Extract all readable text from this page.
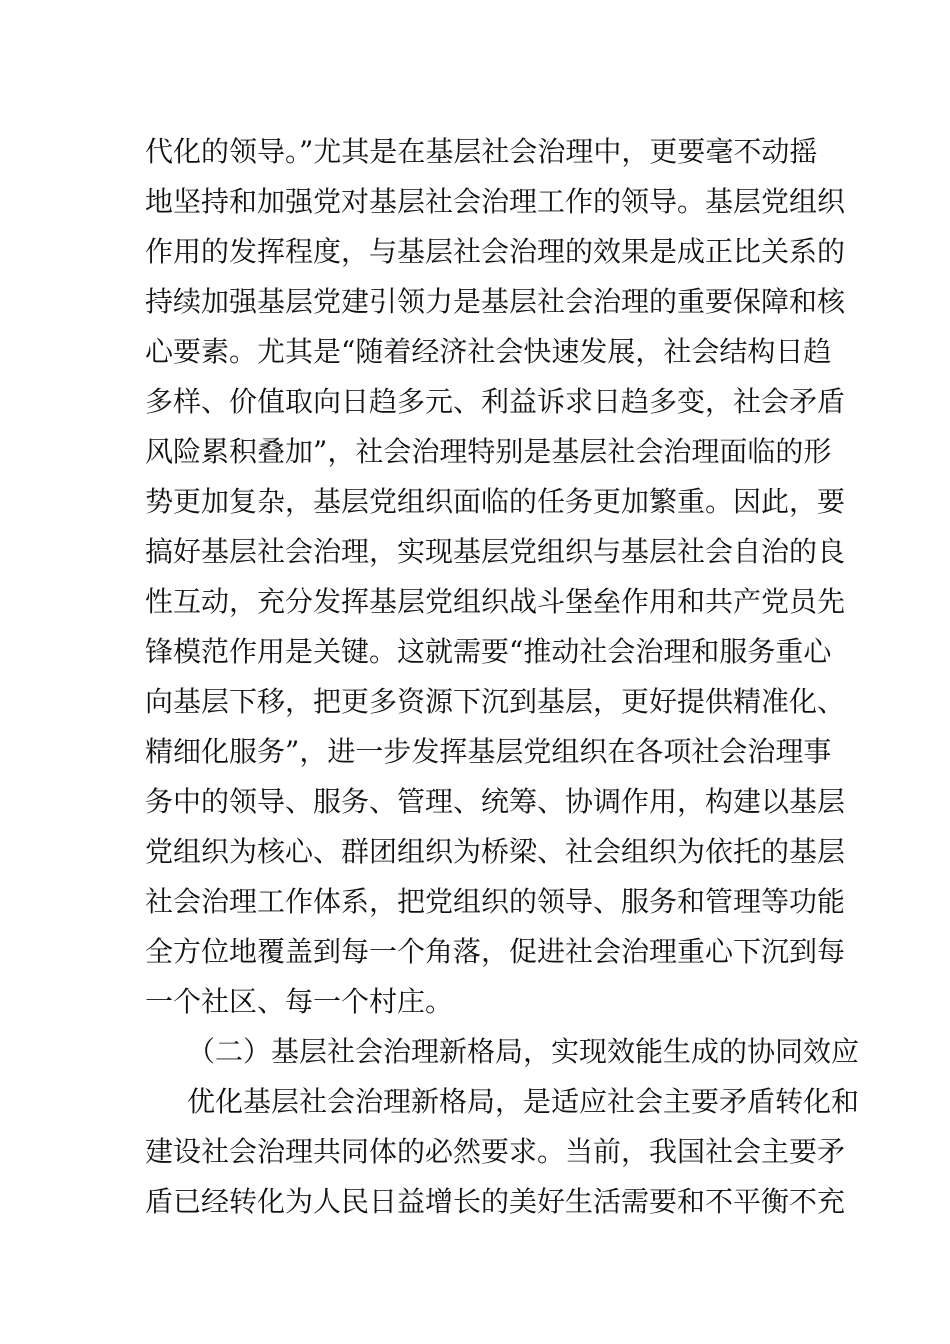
代化的领导。”尤其是在基层社会治理中，更要毫不动摇
地坚持和加强党对基层社会治理工作的领导。基层党组织
作用的发挥程度，与基层社会治理的效果是成正比关系的
持续加强基层党建引领力是基层社会治理的重要保障和核
心要素。尤其是“随着经济社会快速发展，社会结构日趋
多样、价值取向日趋多元、利益诉求日趋多变，社会矛盾
风险累积叠加”，社会治理特别是基层社会治理面临的形
势更加复杂，基层党组织面临的任务更加繁重。因此，要
搞好基层社会治理，实现基层党组织与基层社会自治的良
性互动，充分发挥基层党组织战斗堡垒作用和共产党员先
锋模范作用是关键。这就需要“推动社会治理和服务重心
向基层下移，把更多资源下沉到基层，更好提供精准化、
精细化服务”，进一步发挥基层党组织在各项社会治理事
务中的领导、服务、管理、统筹、协调作用，构建以基层
党组织为核心、群团组织为桥梁、社会组织为依托的基层
社会治理工作体系，把党组织的领导、服务和管理等功能
全方位地覆盖到每一个角落，促进社会治理重心下沉到每
一个社区、每一个村庄。
（二）基层社会治理新格局，实现效能生成的协同效应
优化基层社会治理新格局，是适应社会主要矛盾转化和
建设社会治理共同体的必然要求。当前，我国社会主要矛
盾已经转化为人民日益增长的美好生活需要和不平衡不充
